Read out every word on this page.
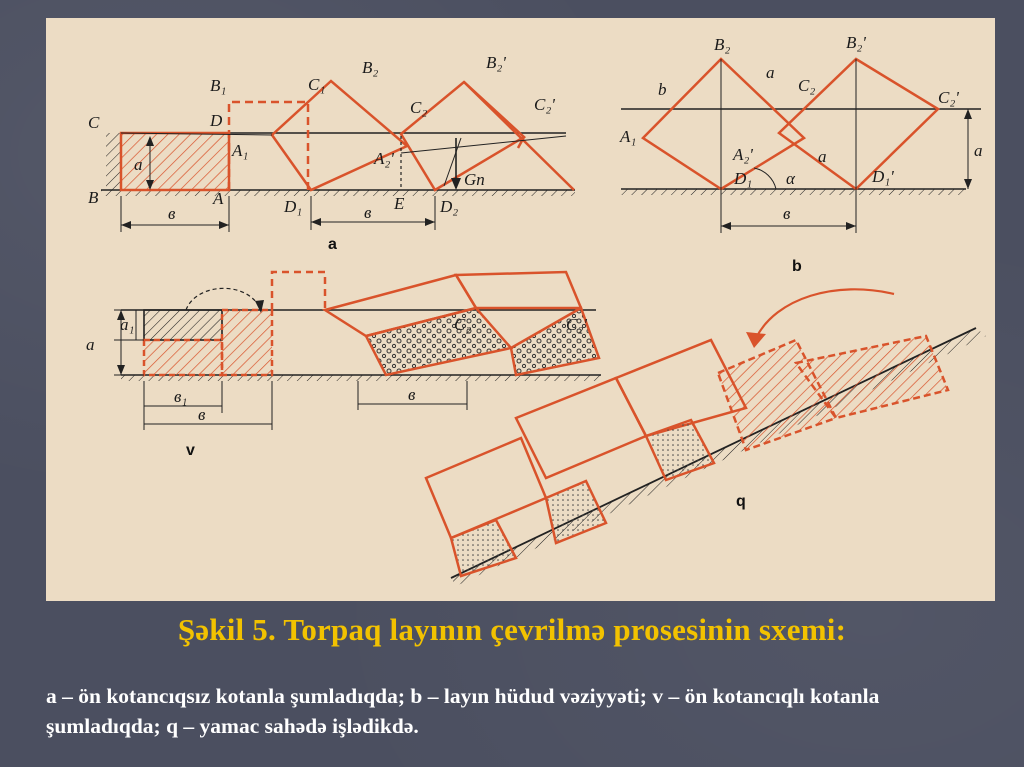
C
B	A
a
в
B₁
D
A₁
C₁
B₂
C₂
A₂'
B₂'
C₂'
D₁	E D₂
Gn
в
a
B₂	B₂'
b
a
C₂
C₂'
A₁
A₂'	a
α
D₁	D₁'
a
в
b
a
a₁	C₂	C₂'
в₁
в
в
v
q
Şəkil 5. Torpaq layının çevrilmə prosesinin sxemi:
a – ön kotancıqsız kotanla şumladıqda; b – layın hüdud vəziyyəti; v – ön kotancıqlı kotanla şumladıqda; q – yamac sahədə işlədikdə.
